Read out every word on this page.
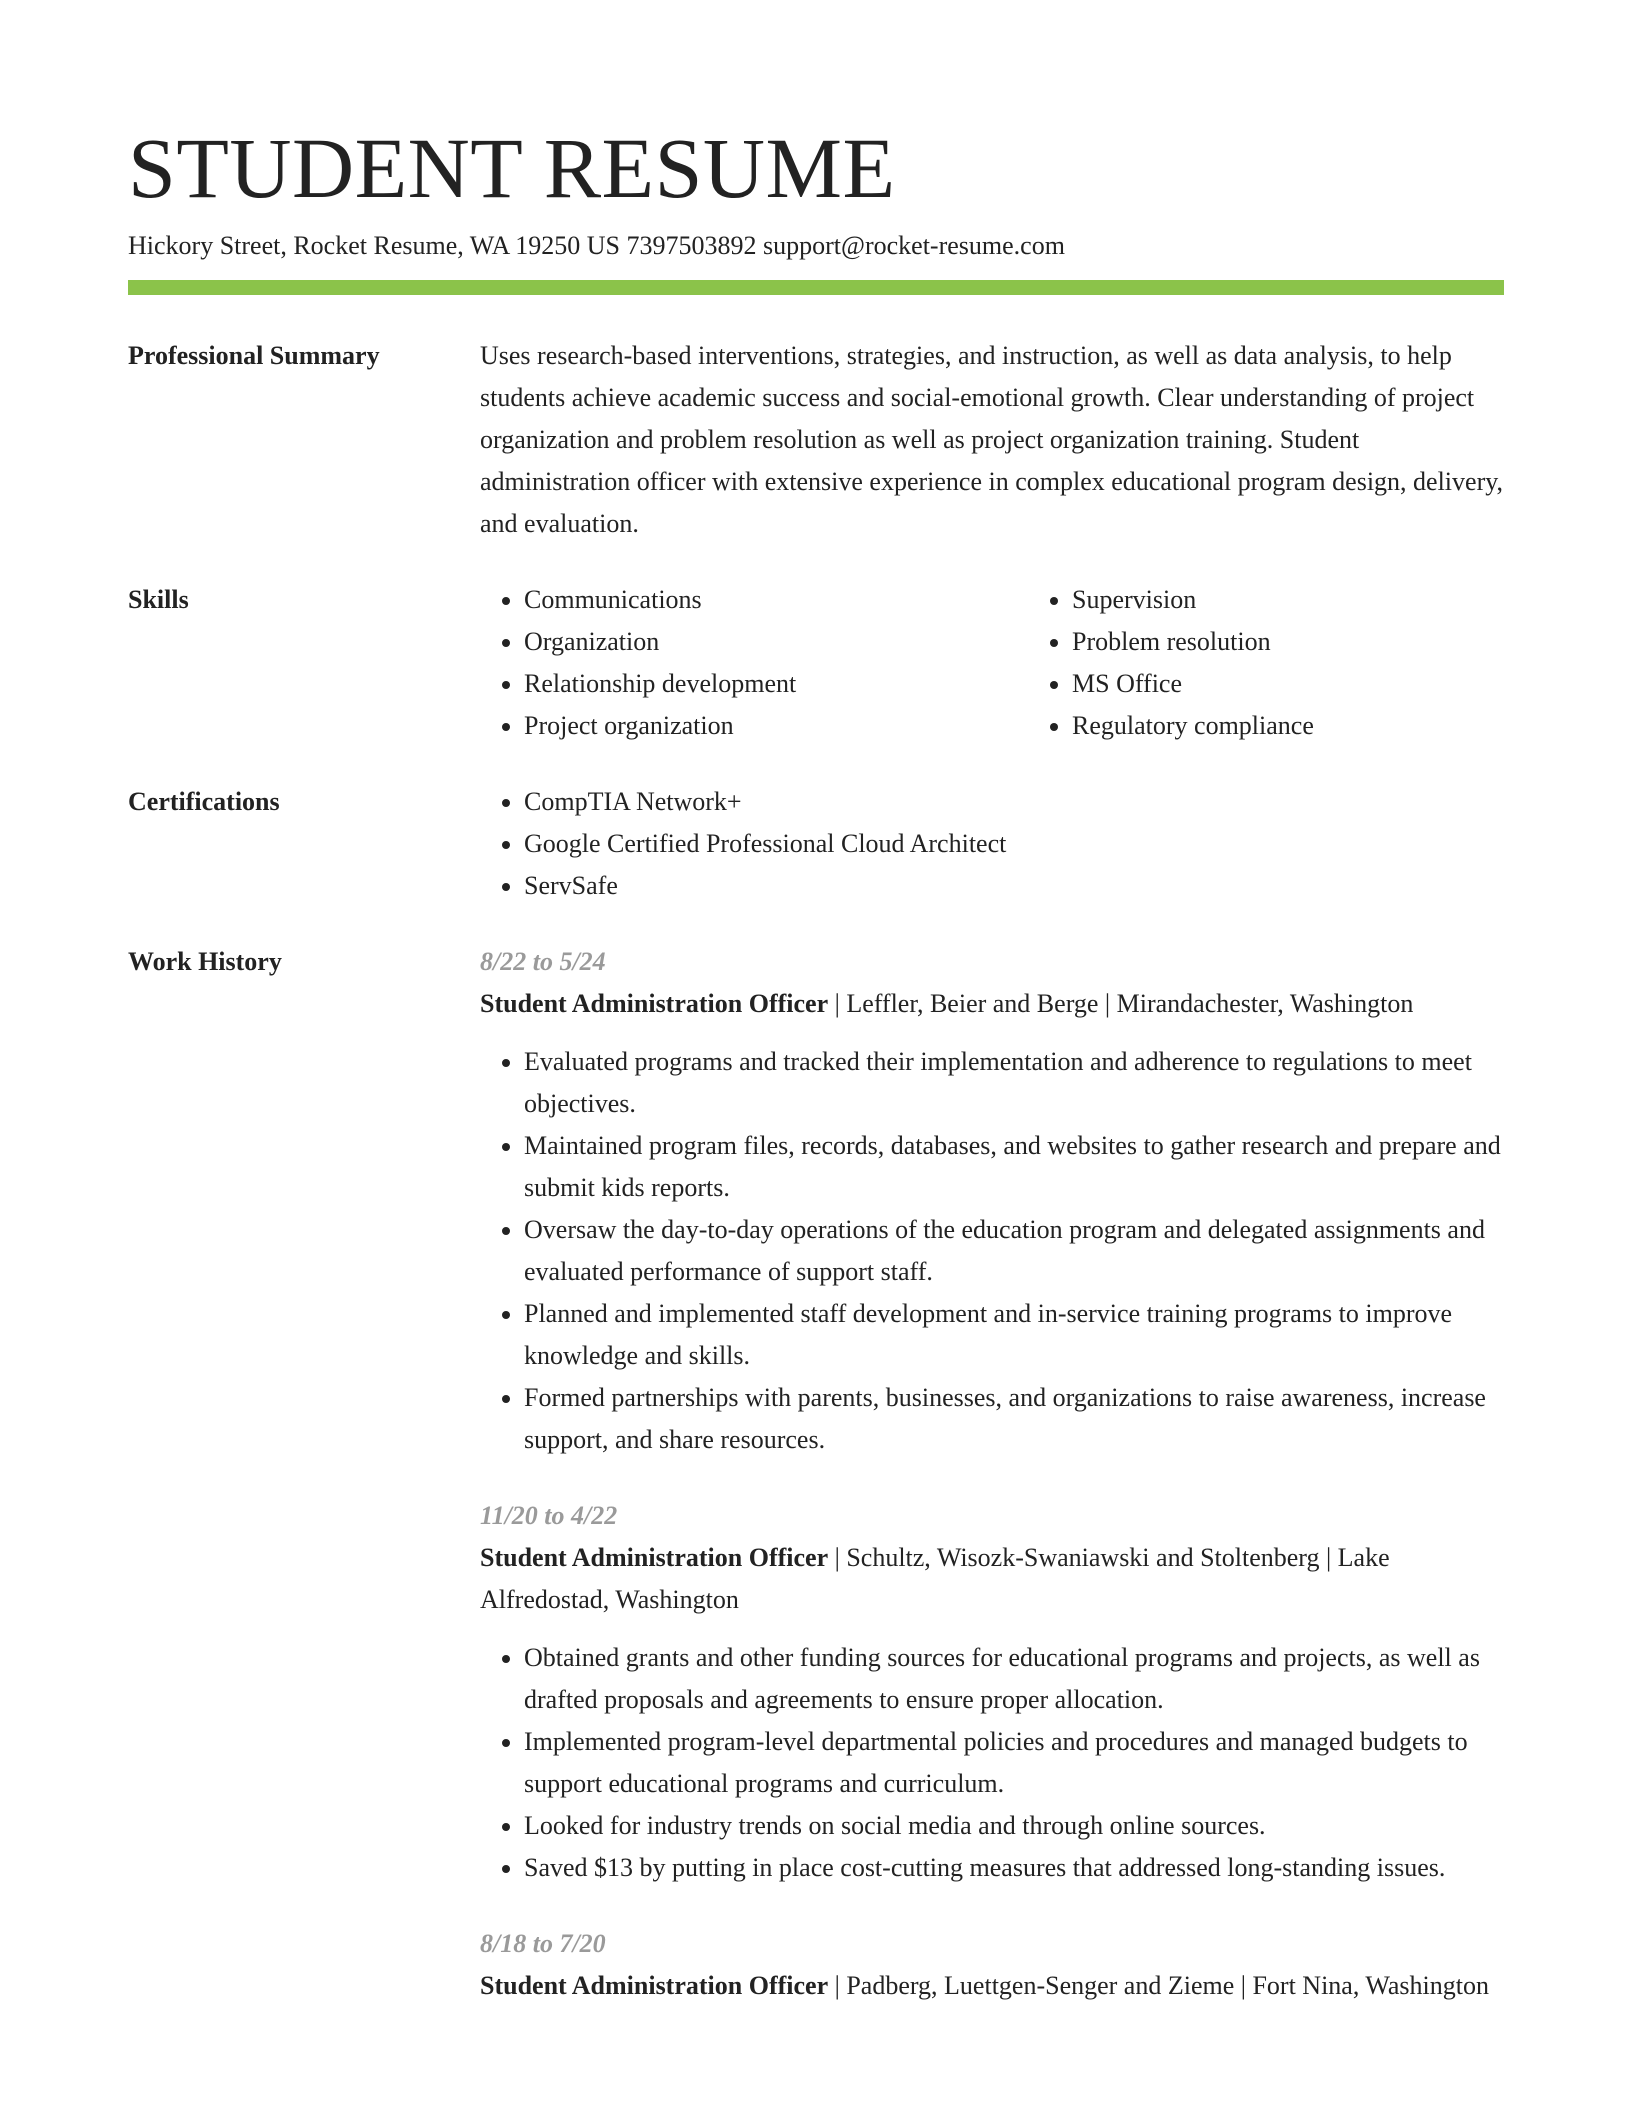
STUDENT RESUME
Hickory Street, Rocket Resume, WA 19250 US 7397503892 support@rocket-resume.com
Professional Summary	Uses research-based interventions, strategies, and instruction, as well as data analysis, to help students achieve academic success and social-emotional growth. Clear understanding of project organization and problem resolution as well as project organization training. Student administration officer with extensive experience in complex educational program design, delivery, and evaluation.

Skills	• Communications
• Organization
• Relationship development
• Project organization
• Supervision
• Problem resolution
• MS Office
• Regulatory compliance
Certifications	• CompTIA Network+
• Google Certified Professional Cloud Architect
• ServSafe
Work History	8/22 to 5/24
Student Administration Officer | Leffler, Beier and Berge | Mirandachester, Washington
• Evaluated programs and tracked their implementation and adherence to regulations to meet objectives.
• Maintained program files, records, databases, and websites to gather research and prepare and submit kids reports.
• Oversaw the day-to-day operations of the education program and delegated assignments and evaluated performance of support staff.
• Planned and implemented staff development and in-service training programs to improve knowledge and skills.
• Formed partnerships with parents, businesses, and organizations to raise awareness, increase support, and share resources.
11/20 to 4/22
Student Administration Officer | Schultz, Wisozk-Swaniawski and Stoltenberg | Lake Alfredostad, Washington
• Obtained grants and other funding sources for educational programs and projects, as well as drafted proposals and agreements to ensure proper allocation.
• Implemented program-level departmental policies and procedures and managed budgets to support educational programs and curriculum.
• Looked for industry trends on social media and through online sources.
• Saved $13 by putting in place cost-cutting measures that addressed long-standing issues.
8/18 to 7/20
Student Administration Officer | Padberg, Luettgen-Senger and Zieme | Fort Nina, Washington
